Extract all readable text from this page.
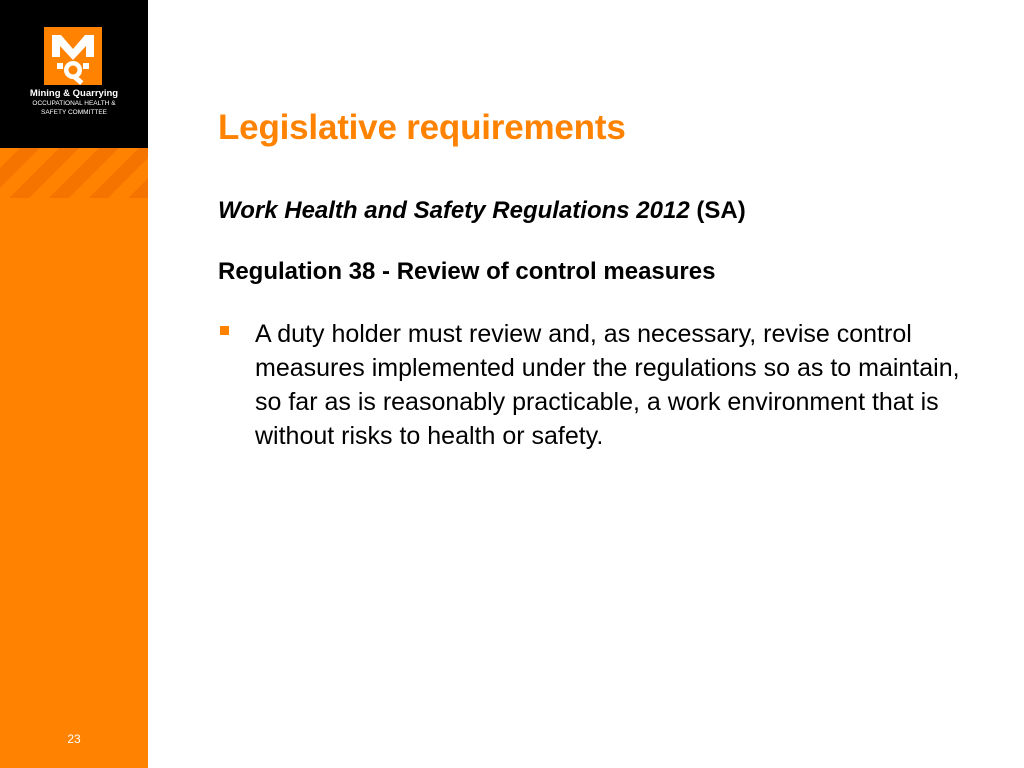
Mining & Quarrying
OCCUPATIONAL HEALTH &
SAFETY COMMITTEE
23
Legislative requirements

Work Health and Safety Regulations 2012 (SA)

Regulation 38 - Review of control measures

A duty holder must review and, as necessary, revise control measures implemented under the regulations so as to maintain, so far as is reasonably practicable, a work environment that is without risks to health or safety.
